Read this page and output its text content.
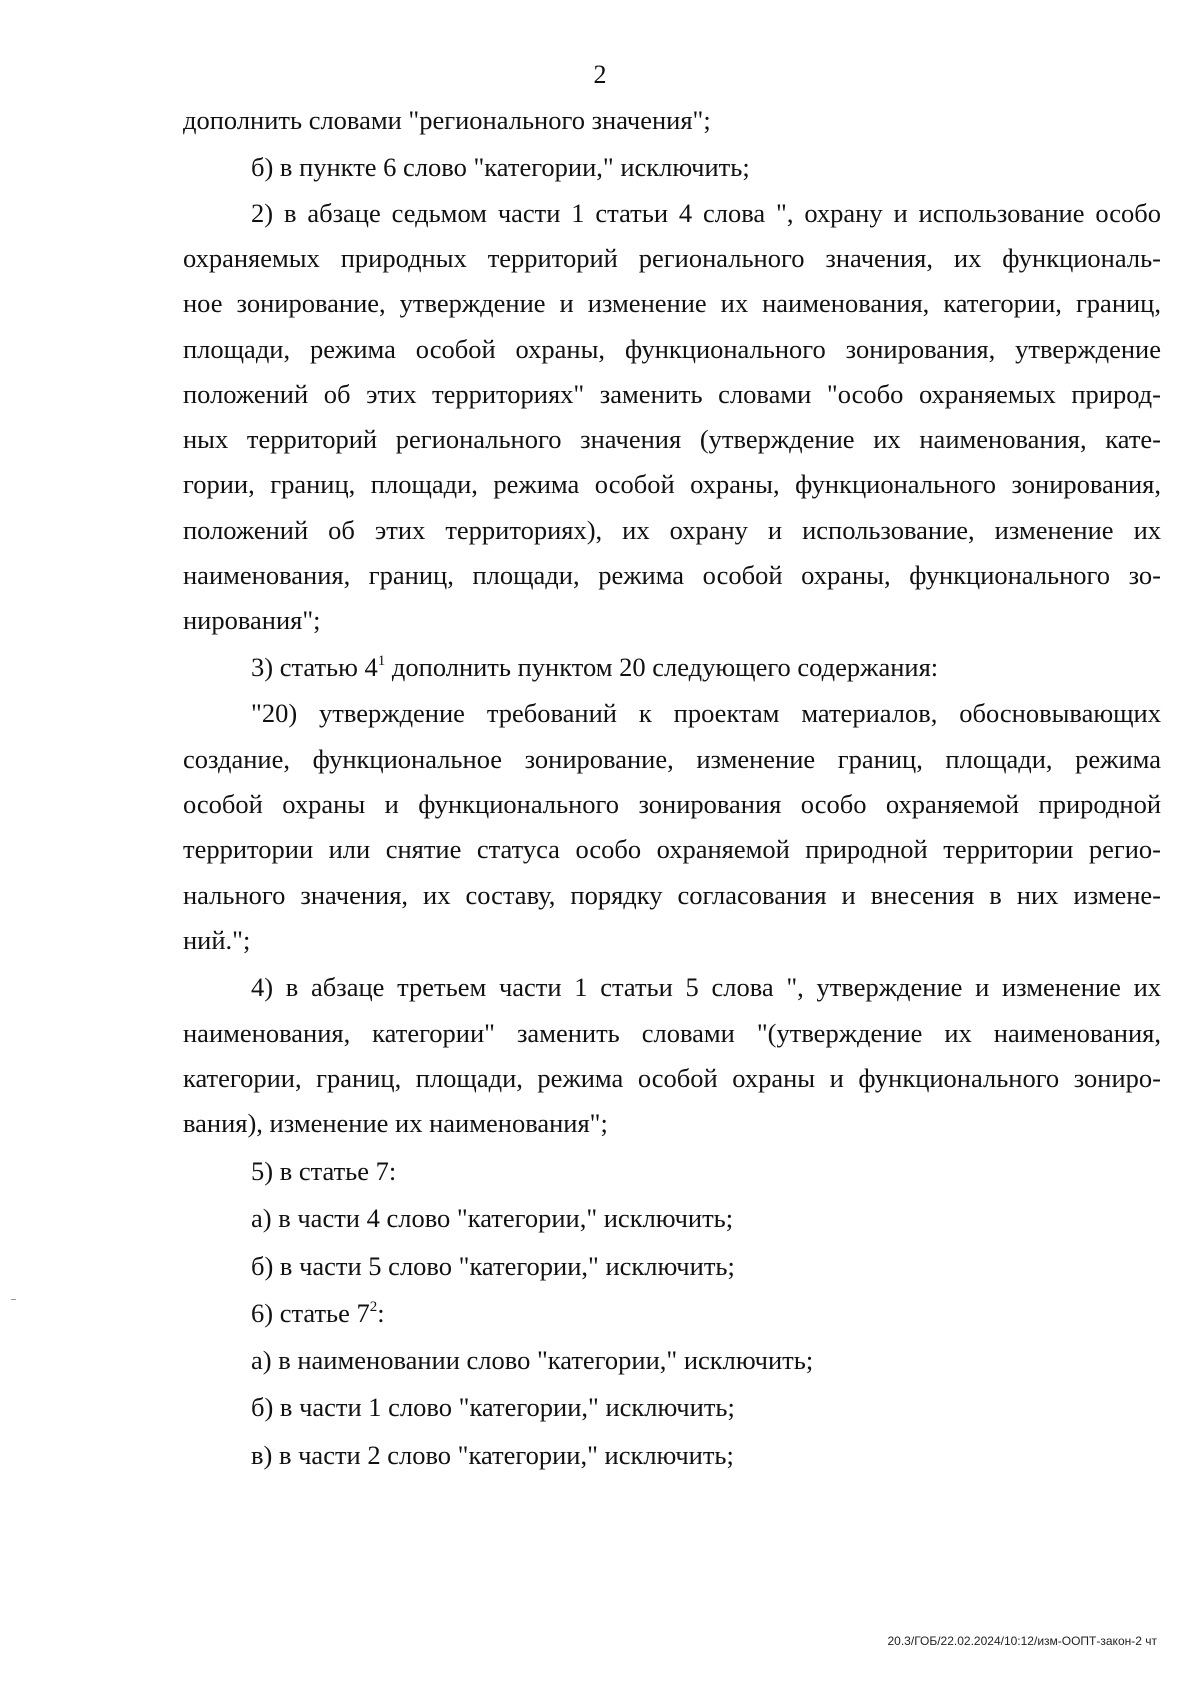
2
дополнить словами "регионального значения";
б) в пункте 6 слово "категории," исключить;
2) в абзаце седьмом части 1 статьи 4 слова ", охрану и использование особо
охраняемых природных территорий регионального значения, их функциональ-
ное зонирование, утверждение и изменение их наименования, категории, границ,
площади, режима особой охраны, функционального зонирования, утверждение
положений об этих территориях" заменить словами "особо охраняемых природ-
ных территорий регионального значения (утверждение их наименования, кате-
гории, границ, площади, режима особой охраны, функционального зонирования,
положений об этих территориях), их охрану и использование, изменение их
наименования, границ, площади, режима особой охраны, функционального зо-
нирования";
3) статью $4^1$ дополнить пунктом 20 следующего содержания:
"20) утверждение требований к проектам материалов, обосновывающих
создание, функциональное зонирование, изменение границ, площади, режима
особой охраны и функционального зонирования особо охраняемой природной
территории или снятие статуса особо охраняемой природной территории регио-
нального значения, их составу, порядку согласования и внесения в них измене-
ний.";
4) в абзаце третьем части 1 статьи 5 слова ", утверждение и изменение их
наименования, категории" заменить словами "(утверждение их наименования,
категории, границ, площади, режима особой охраны и функционального зониро-
вания), изменение их наименования";
5) в статье 7:
а) в части 4 слово "категории," исключить;
б) в части 5 слово "категории," исключить;
6) статье $7^2$:
а) в наименовании слово "категории," исключить;
б) в части 1 слово "категории," исключить;
в) в части 2 слово "категории," исключить;
20.3/ГОБ/22.02.2024/10:12/изм-ООПТ-закон-2 чт
